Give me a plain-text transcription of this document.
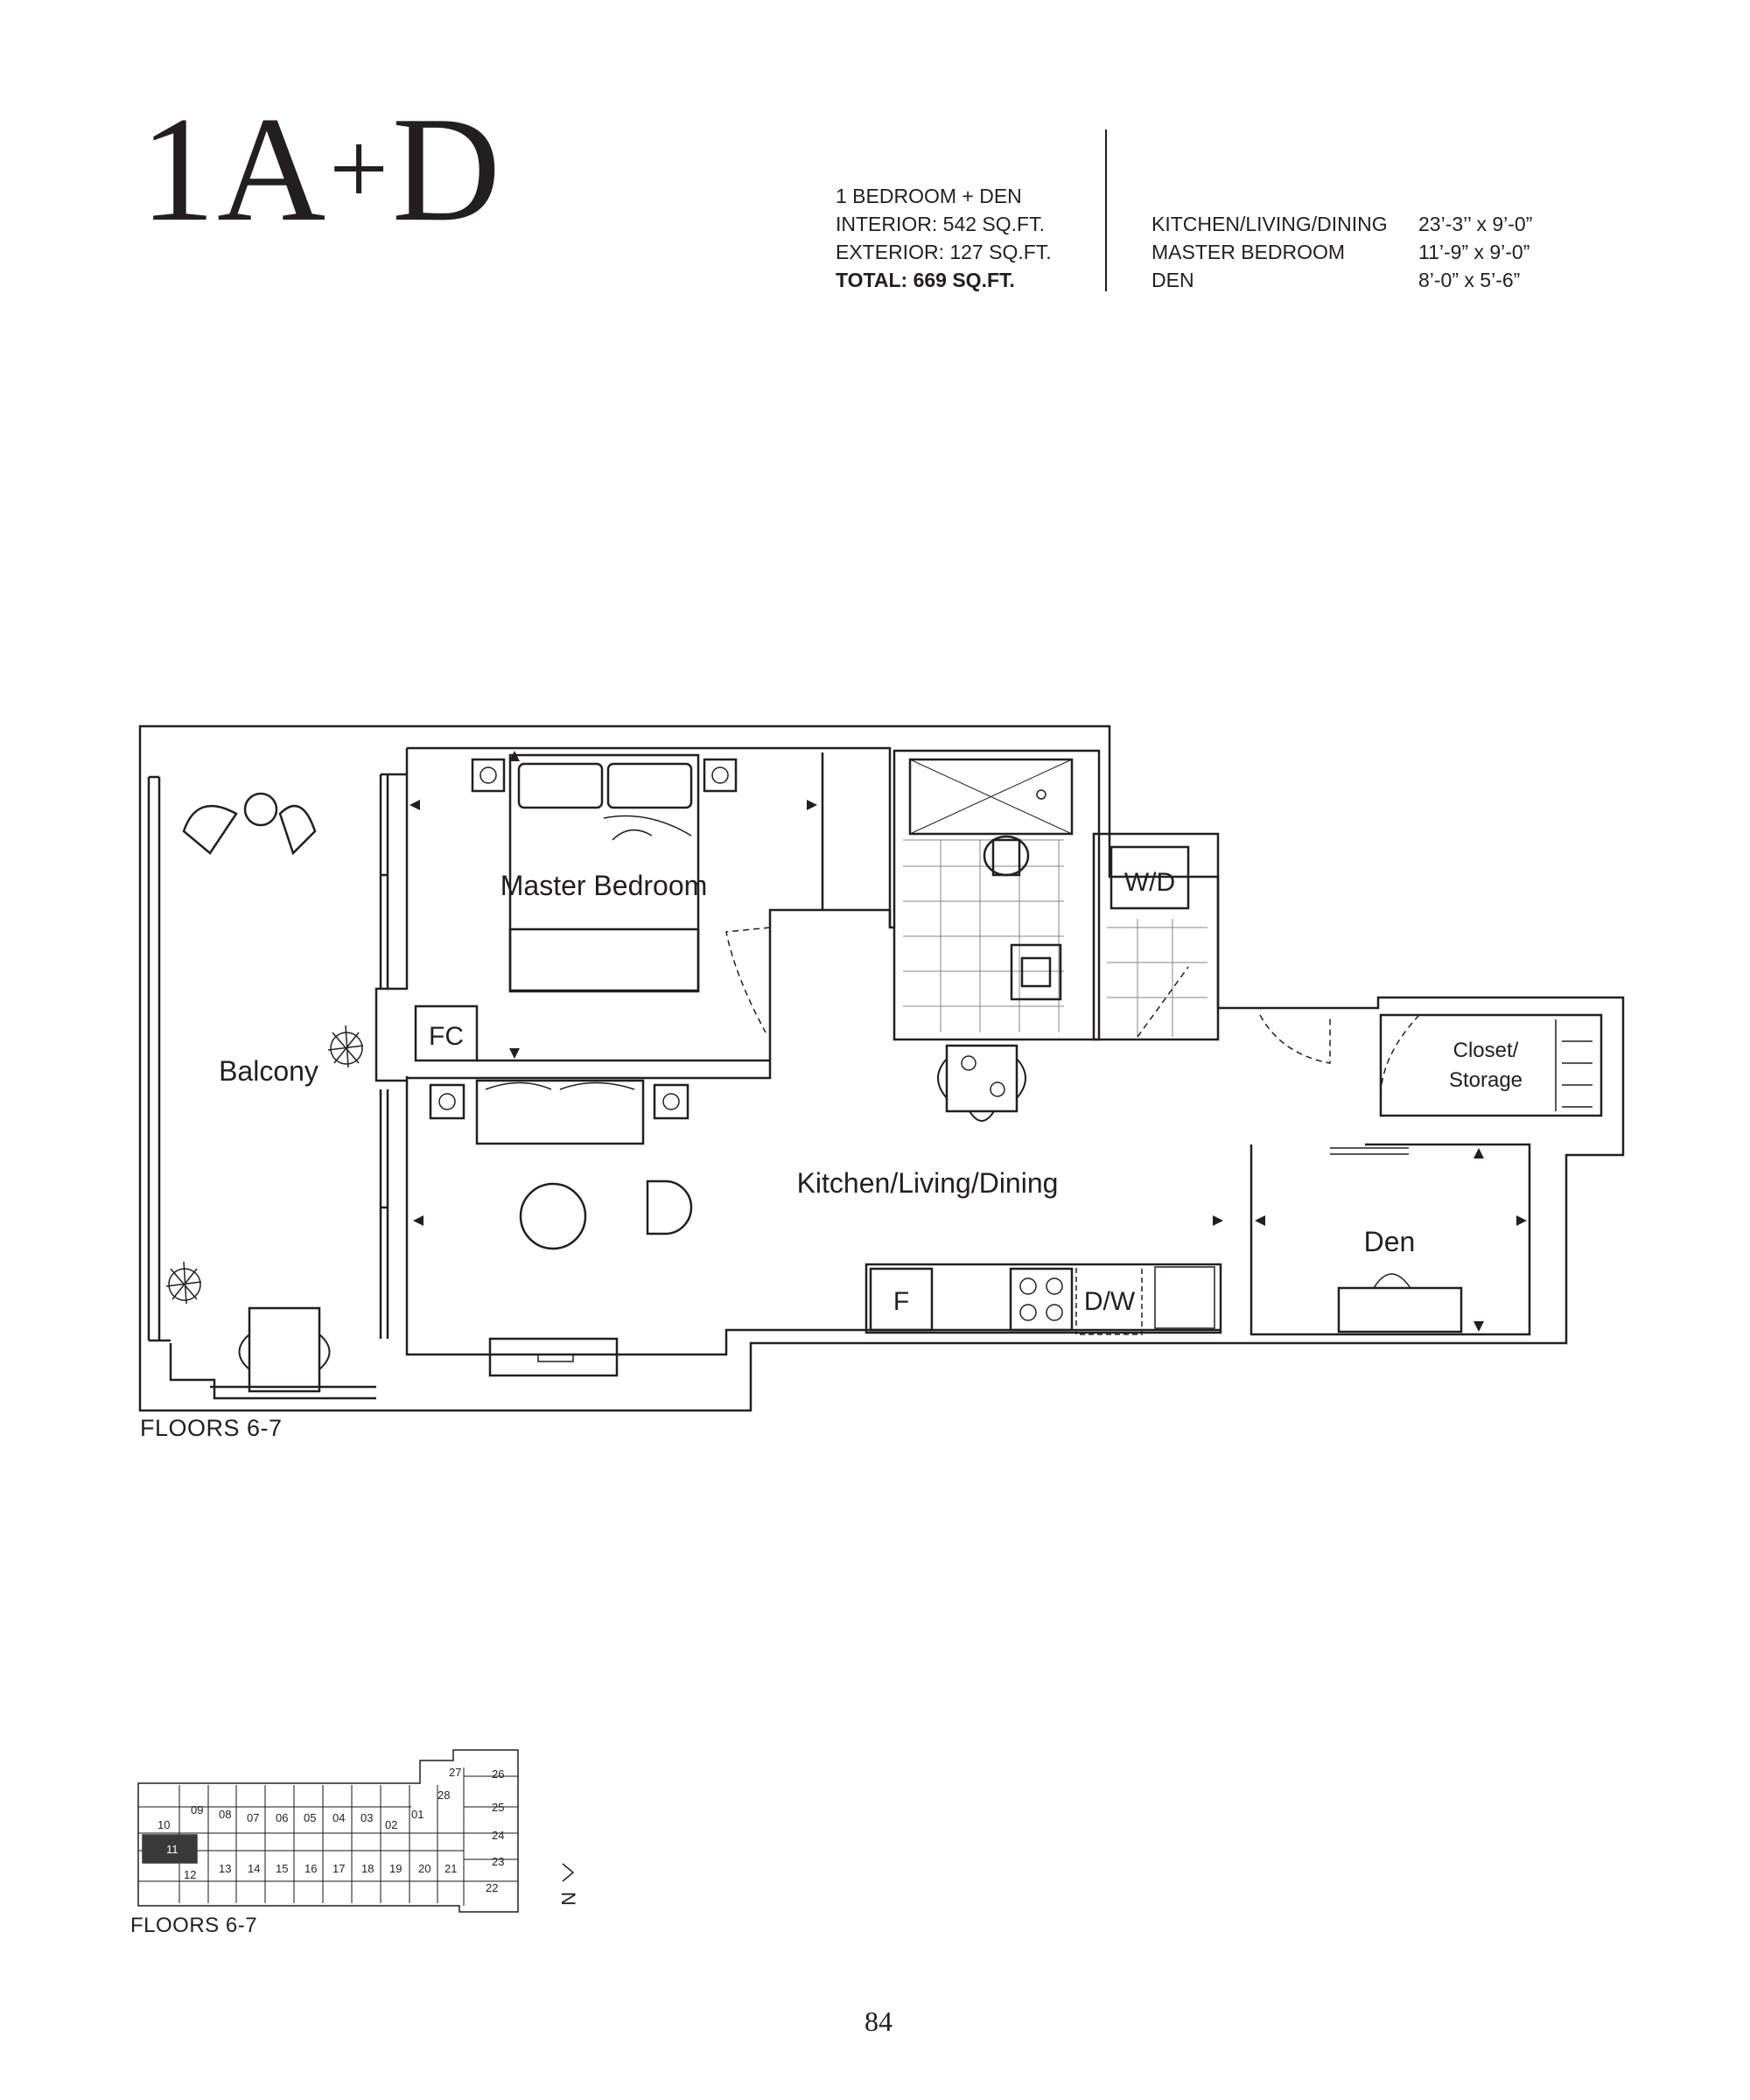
1A+D	1 BEDROOM + DEN
INTERIOR: 542 SQ.FT.
EXTERIOR: 127 SQ.FT.
TOTAL: 669 SQ.FT.
KITCHEN/LIVING/DINING	23’-3’’ x 9’-0”
MASTER BEDROOM	11’-9” x 9’-0”
DEN	8’-0” x 5’-6”
10
09 08 07 06 05 04 03
02
01
11
12 13 14 15 16 17 18 19 20 21
27	26
28
25
24
23
22
N
Master Bedroom
Balcony
Kitchen/Living/Dining
Den
Closet/
Storage
W/D
FC
F	D/W
FLOORS 6-7
FLOORS 6-7
84
